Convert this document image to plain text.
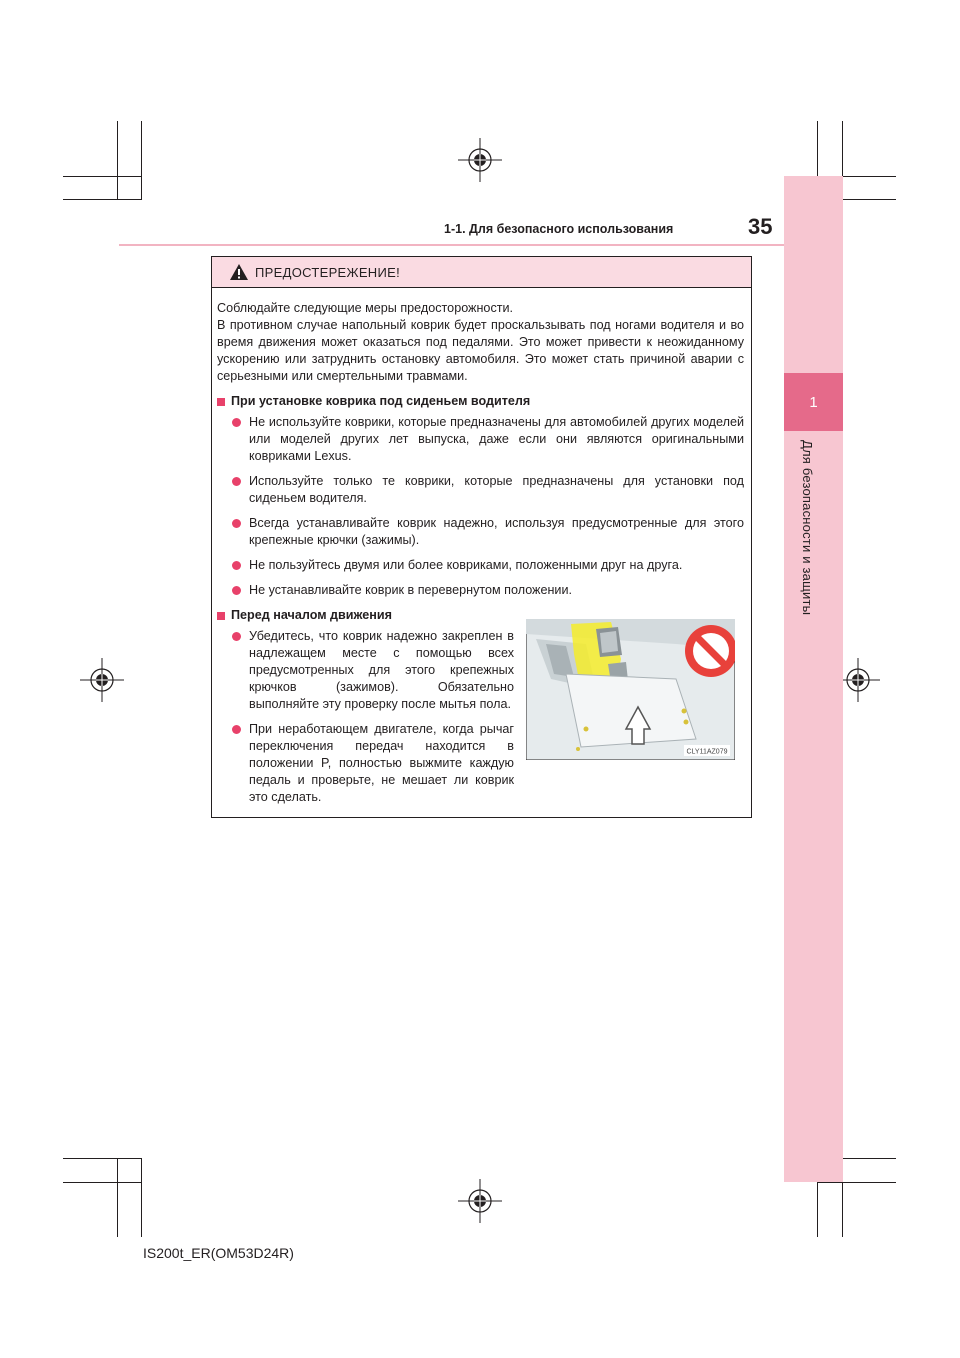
1
Для безопасности и защиты
1-1. Для безопасного использования	35
ПРЕДОСТЕРЕЖЕНИЕ!

Соблюдайте следующие меры предосторожности.

В противном случае напольный коврик будет проскальзывать под ногами водителя и во время движения может оказаться под педалями. Это может привести к неожиданному ускорению или затруднить остановку автомобиля. Это может стать причиной аварии с серьезными или смертельными травмами.

При установке коврика под сиденьем водителя
Не используйте коврики, которые предназначены для автомобилей других моделей или моделей других лет выпуска, даже если они являются оригинальными ковриками Lexus.
Используйте только те коврики, которые предназначены для установки под сиденьем водителя.
Всегда устанавливайте коврик надежно, используя предусмотренные для этого крепежные крючки (зажимы).
Не пользуйтесь двумя или более ковриками, положенными друг на друга.
Не устанавливайте коврик в перевернутом положении.
Перед началом движения
Убедитесь, что коврик надежно закреплен в надлежащем месте с помощью всех предусмотренных для этого крепежных крючков (зажимов). Обязательно выполняйте эту проверку после мытья пола.
При неработающем двигателе, когда рычаг переключения передач находится в положении P, полностью выжмите каждую педаль и проверьте, не мешает ли коврик это сделать.
CLY11AZ079
IS200t_ER(OM53D24R)
